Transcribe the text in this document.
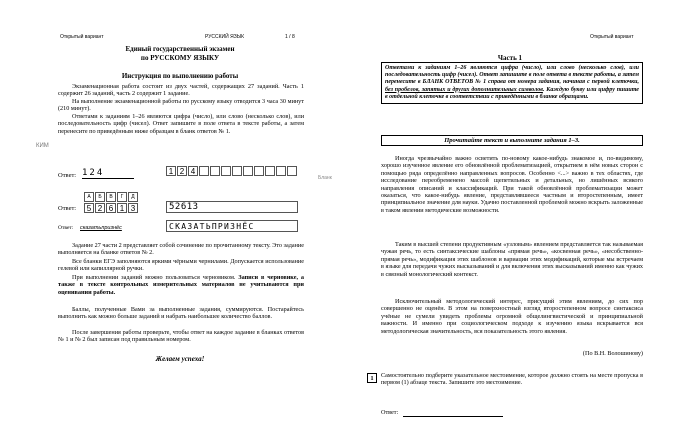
Открытый вариант	РУССКИЙ ЯЗЫК	1 / 8
Единый государственный экзамен
по РУССКОМУ ЯЗЫКУ
Инструкция по выполнению работы
Экзаменационная работа состоит из двух частей, содержащих 27 заданий. Часть 1 содержит 26 заданий, часть 2 содержит 1 задание.
На выполнение экзаменационной работы по русскому языку отводится 3 часа 30 минут (210 минут).
Ответами к заданиям 1–26 являются цифра (число), или слово (несколько слов), или последовательность цифр (чисел). Ответ запишите в поле ответа в тексте работы, а затем перенесите по приведённым ниже образцам в бланк ответов № 1.
КИМ
Бланк
Ответ: 124	1 2 4
Ответ:
А	Б	В	Г	Д
5 2 6 1 3	52613
Ответ: сказатьпризнёс	СКАЗАТЬПРИЗНЁС
Задание 27 части 2 представляет собой сочинение по прочитанному тексту. Это задание выполняется на бланке ответов № 2.
Все бланки ЕГЭ заполняются яркими чёрными чернилами. Допускается использование гелевой или капиллярной ручки.
При выполнении заданий можно пользоваться черновиком. Записи в черновике, а также в тексте контрольных измерительных материалов не учитываются при оценивании работы.
Баллы, полученные Вами за выполненные задания, суммируются. Постарайтесь выполнить как можно больше заданий и набрать наибольшее количество баллов.
После завершения работы проверьте, чтобы ответ на каждое задание в бланках ответов № 1 и № 2 был записан под правильным номером.
Желаем успеха!
Открытый вариант
Часть 1
Ответами к заданиям 1–26 являются цифра (число), или слово (несколько слов), или последовательность цифр (чисел). Ответ запишите в поле ответа в тексте работы, а затем перенесите в БЛАНК ОТВЕТОВ № 1 справа от номера задания, начиная с первой клеточки, без пробелов, запятых и других дополнительных символов. Каждую букву или цифру пишите в отдельной клеточке в соответствии с приведёнными в бланке образцами.
Прочитайте текст и выполните задания 1–3.
Иногда чрезвычайно важно осветить по-новому какое-нибудь знакомое и, по-видимому, хорошо изученное явление его обновлённой проблематизацией, открытием в нём новых сторон с помощью ряда определённо направленных вопросов. Особенно <...> важно в тех областях, где исследование переобременено массой щепетильных и детальных, но лишённых всякого направления описаний и классификаций. При такой обновлённой проблематизации может оказаться, что какое-нибудь явление, представлявшееся частным и второстепенным, имеет принципиальное значение для науки. Удачно поставленной проблемой можно вскрыть заложенные в таком явлении методические возможности.
Таким в высшей степени продуктивным «узловым» явлением представляется так называемая чужая речь, то есть синтаксические шаблоны «прямая речь», «косвенная речь», «несобственно-прямая речь», модификация этих шаблонов и вариации этих модификаций, которые мы встречаем в языке для передачи чужих высказываний и для включения этих высказываний именно как чужих в связный монологический контекст.
Исключительный методологический интерес, присущий этим явлениям, до сих пор совершенно не оценён. В этом на поверхностный взгляд второстепенном вопросе синтаксиса учёные не сумели увидеть проблемы огромной общелингвистической и принципиальной важности. И именно при социологическом подходе к изучению языка вскрывается вся методологическая значительность, вся показательность этого явления.
(По В.Н. Волошинову)
1	Самостоятельно подберите указательное местоимение, которое должно стоять на месте пропуска в первом (1) абзаце текста. Запишите это местоимение.
Ответ:
